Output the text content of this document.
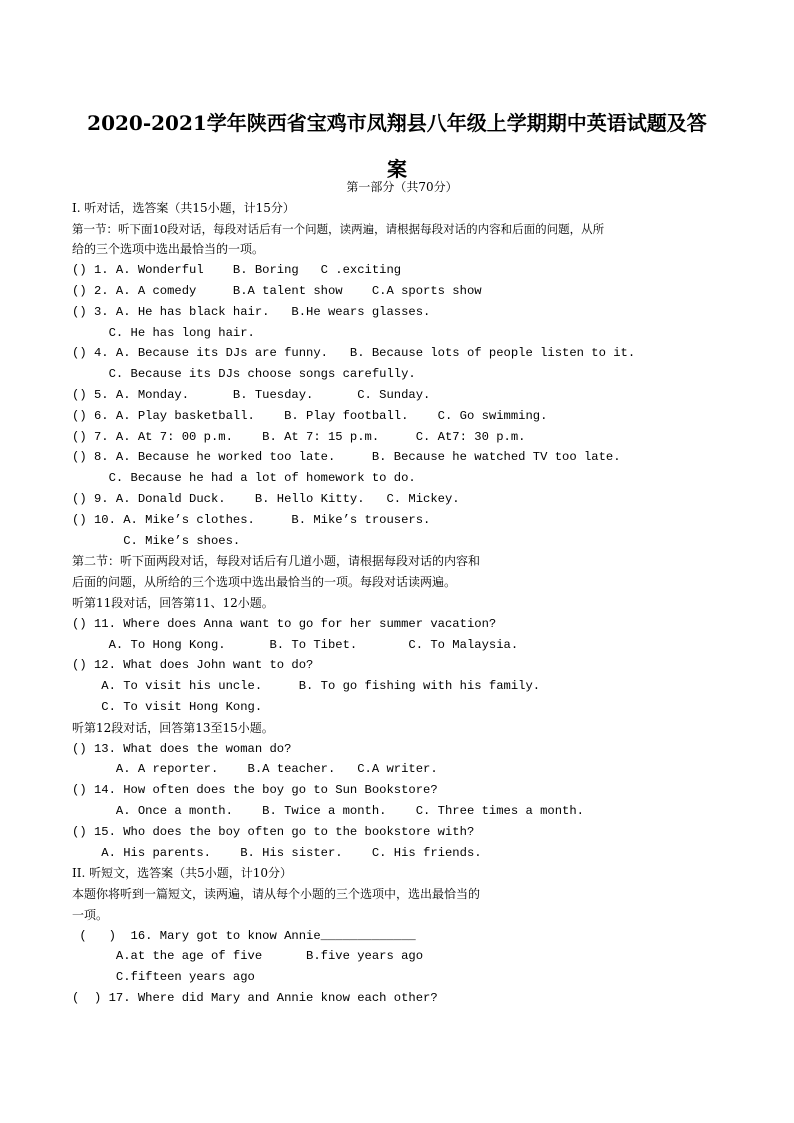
2020-2021学年陕西省宝鸡市凤翔县八年级上学期期中英语试题及答
案
第一部分（共70分）
I. 听对话，选答案（共15小题，计15分）
第一节：听下面10段对话，每段对话后有一个问题，读两遍，请根据每段对话的内容和后面的问题，从所
给的三个选项中选出最恰当的一项。
() 1. A. Wonderful    B. Boring   C .exciting
() 2. A. A comedy     B.A talent show    C.A sports show
() 3. A. He has black hair.   B.He wears glasses.
C. He has long hair.
() 4. A. Because its DJs are funny.   B. Because lots of people listen to it.
C. Because its DJs choose songs carefully.
() 5. A. Monday.      B. Tuesday.      C. Sunday.
() 6. A. Play basketball.    B. Play football.    C. Go swimming.
() 7. A. At 7: 00 p.m.    B. At 7: 15 p.m.     C. At7: 30 p.m.
() 8. A. Because he worked too late.     B. Because he watched TV too late.
C. Because he had a lot of homework to do.
() 9. A. Donald Duck.    B. Hello Kitty.   C. Mickey.
() 10. A. Mike’s clothes.     B. Mike’s trousers.
C. Mike’s shoes.
第二节：听下面两段对话，每段对话后有几道小题，请根据每段对话的内容和
后面的问题，从所给的三个选项中选出最恰当的一项。每段对话读两遍。
听第11段对话，回答第11、12小题。
() 11. Where does Anna want to go for her summer vacation?
A. To Hong Kong.      B. To Tibet.       C. To Malaysia.
() 12. What does John want to do?
A. To visit his uncle.     B. To go fishing with his family.
C. To visit Hong Kong.
听第12段对话，回答第13至15小题。
() 13. What does the woman do?
A. A reporter.    B.A teacher.   C.A writer.
() 14. How often does the boy go to Sun Bookstore?
A. Once a month.    B. Twice a month.    C. Three times a month.
() 15. Who does the boy often go to the bookstore with?
A. His parents.    B. His sister.    C. His friends.
II. 听短文，选答案（共5小题，计10分）
本题你将听到一篇短文，读两遍，请从每个小题的三个选项中，选出最恰当的
一项。
(   )  16. Mary got to know Annie_____________
A.at the age of five      B.five years ago
C.fifteen years ago
(  ) 17. Where did Mary and Annie know each other?
